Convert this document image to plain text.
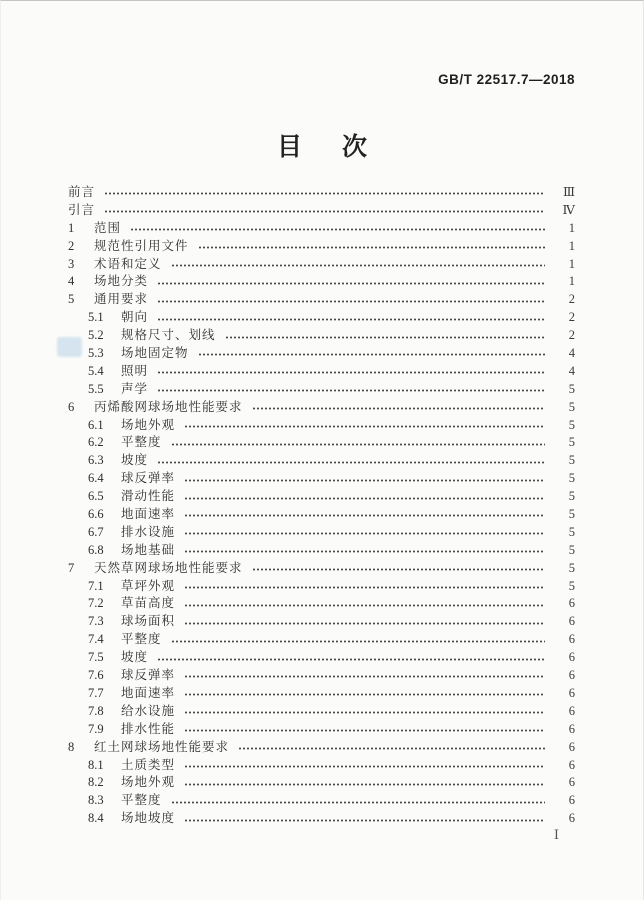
GB/T 22517.7—2018
目次
前言	Ⅲ
引言	Ⅳ
1	范围	1
2	规范性引用文件	1
3	术语和定义	1
4	场地分类	1
5	通用要求	2
5.1	朝向	2
5.2	规格尺寸、划线	2
5.3	场地固定物	4
5.4	照明	4
5.5	声学	5
6	丙烯酸网球场地性能要求	5
6.1	场地外观	5
6.2	平整度	5
6.3	坡度	5
6.4	球反弹率	5
6.5	滑动性能	5
6.6	地面速率	5
6.7	排水设施	5
6.8	场地基础	5
7	天然草网球场地性能要求	5
7.1	草坪外观	5
7.2	草苗高度	6
7.3	球场面积	6
7.4	平整度	6
7.5	坡度	6
7.6	球反弹率	6
7.7	地面速率	6
7.8	给水设施	6
7.9	排水性能	6
8	红土网球场地性能要求	6
8.1	土质类型	6
8.2	场地外观	6
8.3	平整度	6
8.4	场地坡度	6
Ⅰ
